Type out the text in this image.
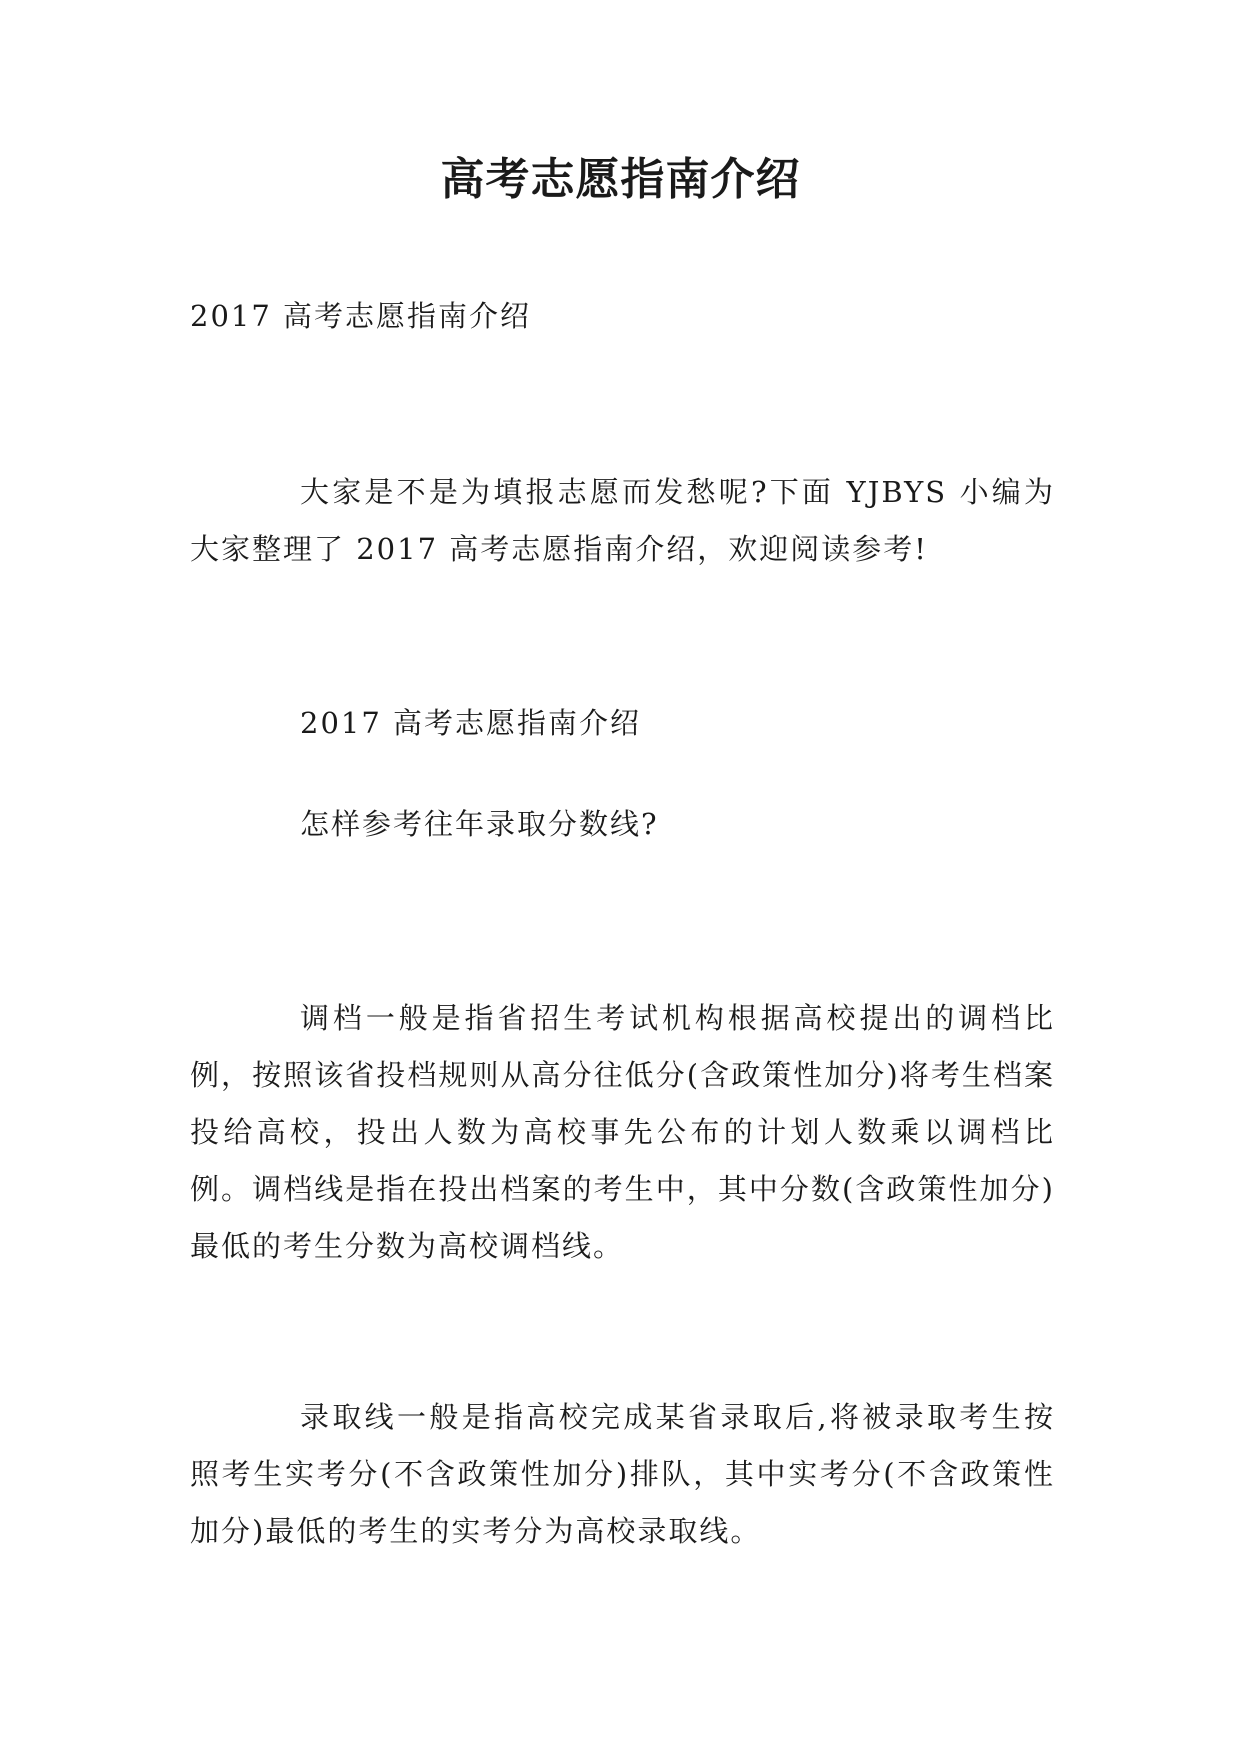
高考志愿指南介绍
2017 高考志愿指南介绍
大家是不是为填报志愿而发愁呢?下面 YJBYS 小编为大家整理了 2017 高考志愿指南介绍，欢迎阅读参考!
2017 高考志愿指南介绍
怎样参考往年录取分数线?
调档一般是指省招生考试机构根据高校提出的调档比例，按照该省投档规则从高分往低分(含政策性加分)将考生档案投给高校，投出人数为高校事先公布的计划人数乘以调档比例。调档线是指在投出档案的考生中，其中分数(含政策性加分)最低的考生分数为高校调档线。
录取线一般是指高校完成某省录取后,将被录取考生按照考生实考分(不含政策性加分)排队，其中实考分(不含政策性加分)最低的考生的实考分为高校录取线。
